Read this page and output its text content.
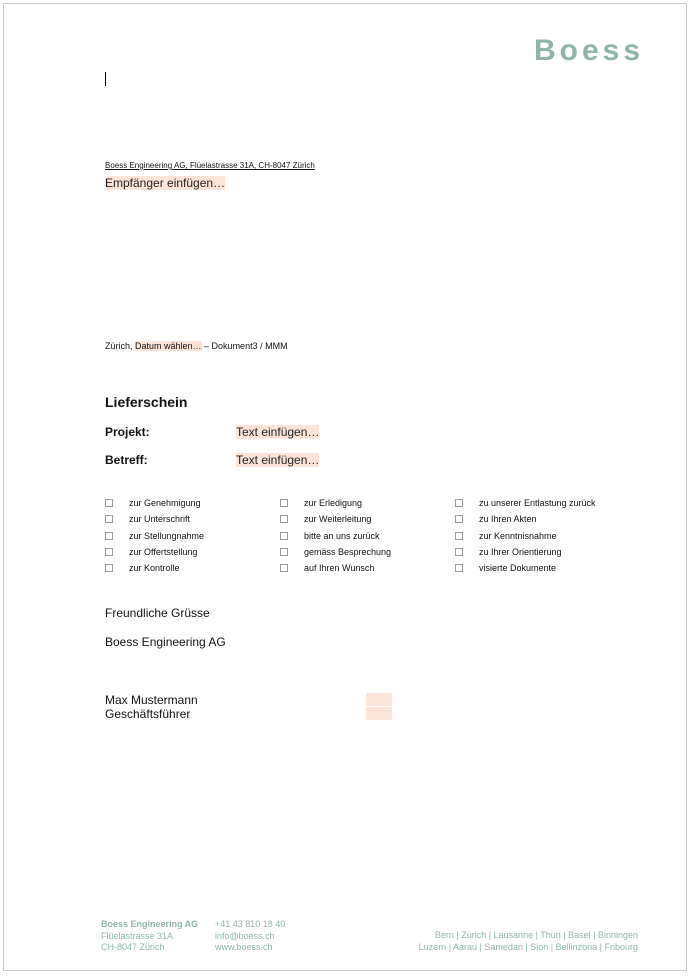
Boess
Boess Engineering AG, Flüelastrasse 31A, CH-8047 Zürich
Empfänger einfügen…
Zürich, Datum wählen… – Dokument3 / MMM
Lieferschein
Projekt:	Text einfügen…
Betreff:	Text einfügen…
zur Genehmigung
zur Unterschrift
zur Stellungnahme
zur Offertstellung
zur Kontrolle
zur Erledigung
zur Weiterleitung
bitte an uns zurück
gemäss Besprechung
auf Ihren Wunsch
zu unserer Entlastung zurück
zu Ihren Akten
zur Kenntnisnahme
zu Ihrer Orientierung
visierte Dokumente
Freundliche Grüsse
Boess Engineering AG
Max Mustermann
Geschäftsführer
Boess Engineering AG
Flüelastrasse 31A
CH-8047 Zürich
+41 43 810 18 40
info@boess.ch
www.boess.ch
Bern | Zürich | Lausanne | Thun | Basel | Binningen
Luzern | Aarau | Samedan | Sion | Bellinzona | Fribourg
